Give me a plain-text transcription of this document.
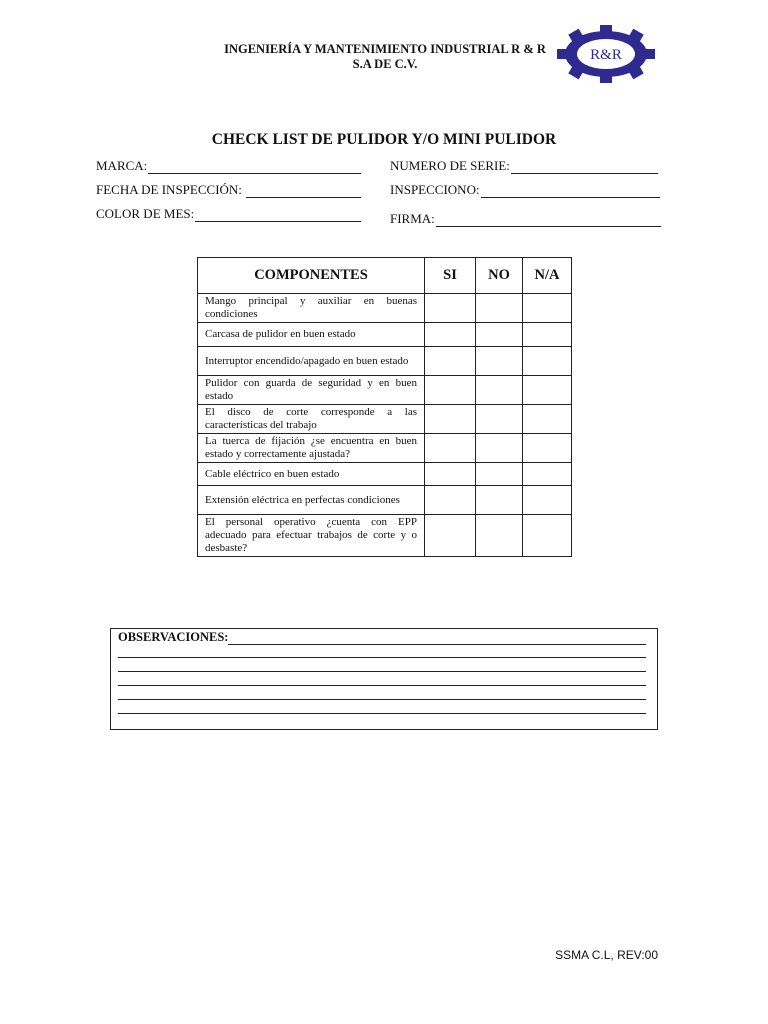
INGENIERÍA Y MANTENIMIENTO INDUSTRIAL R & R
S.A DE C.V.
R&R
CHECK LIST DE PULIDOR Y/O MINI PULIDOR
MARCA:	NUMERO DE SERIE:
FECHA DE INSPECCIÓN:	INSPECCIONO:
COLOR DE MES:	FIRMA:
COMPONENTES	SI	NO	N/A
Mango principal y auxiliar en buenas condiciones			
Carcasa de pulidor en buen estado			
Interruptor encendido/apagado en buen estado			
Pulidor con guarda de seguridad y en buen estado			
El disco de corte corresponde a las características del trabajo			
La tuerca de fijación ¿se encuentra en buen estado y correctamente ajustada?			
Cable eléctrico en buen estado			
Extensión eléctrica en perfectas condiciones			
El personal operativo ¿cuenta con EPP adecuado para efectuar trabajos de corte y o desbaste?			
OBSERVACIONES:
SSMA C.L, REV:00
